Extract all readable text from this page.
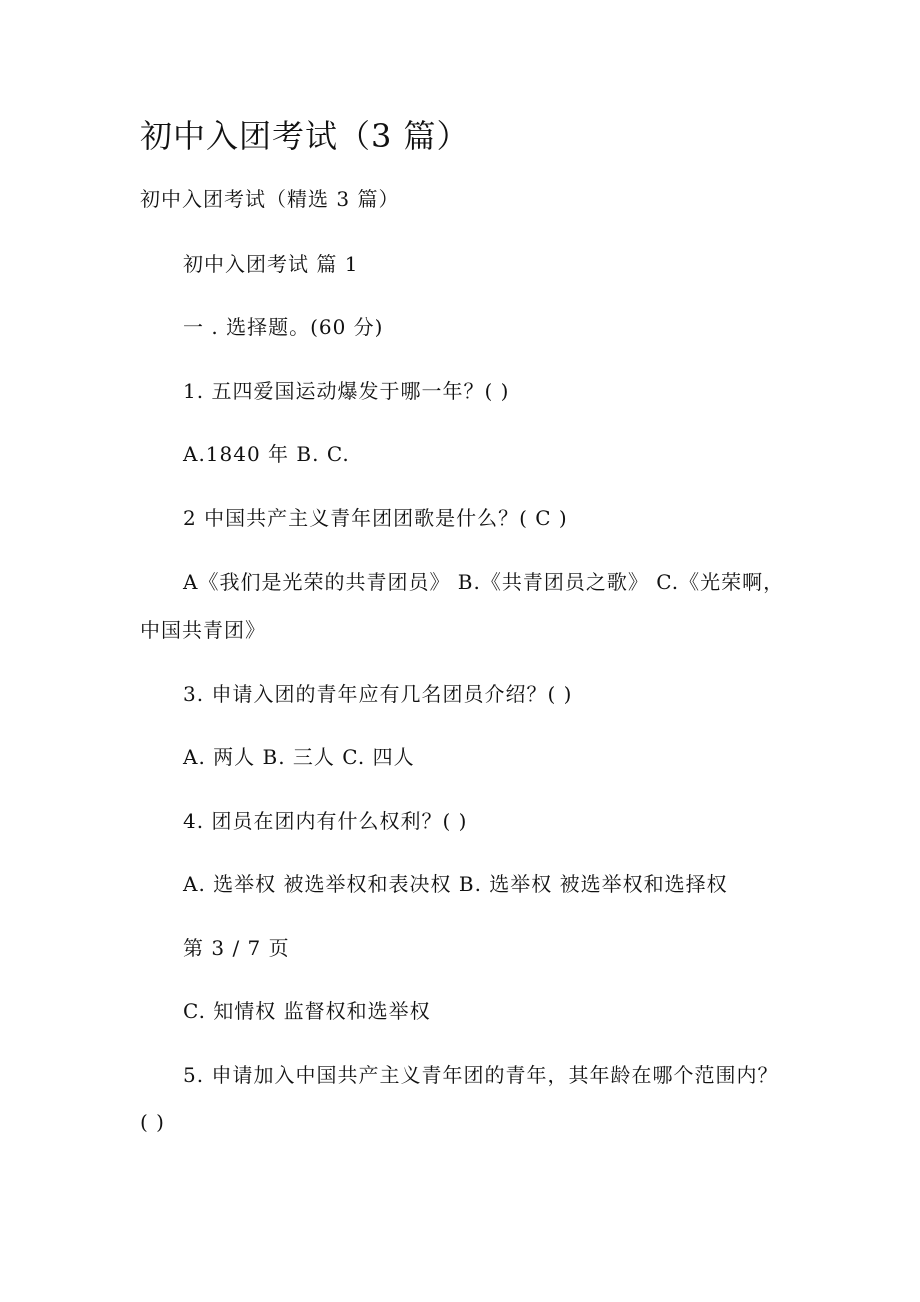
初中入团考试（3 篇）
初中入团考试（精选 3 篇）
初中入团考试 篇 1
一 . 选择题。(60 分)
1. 五四爱国运动爆发于哪一年？( )
A.1840 年 B. C.
2 中国共产主义青年团团歌是什么？( C )
A《我们是光荣的共青团员》 B.《共青团员之歌》 C.《光荣啊，
中国共青团》
3. 申请入团的青年应有几名团员介绍？( )
A. 两人 B. 三人 C. 四人
4. 团员在团内有什么权利？( )
A. 选举权 被选举权和表决权 B. 选举权 被选举权和选择权
第 3 / 7 页
C. 知情权 监督权和选举权
5. 申请加入中国共产主义青年团的青年，其年龄在哪个范围内？
( )
